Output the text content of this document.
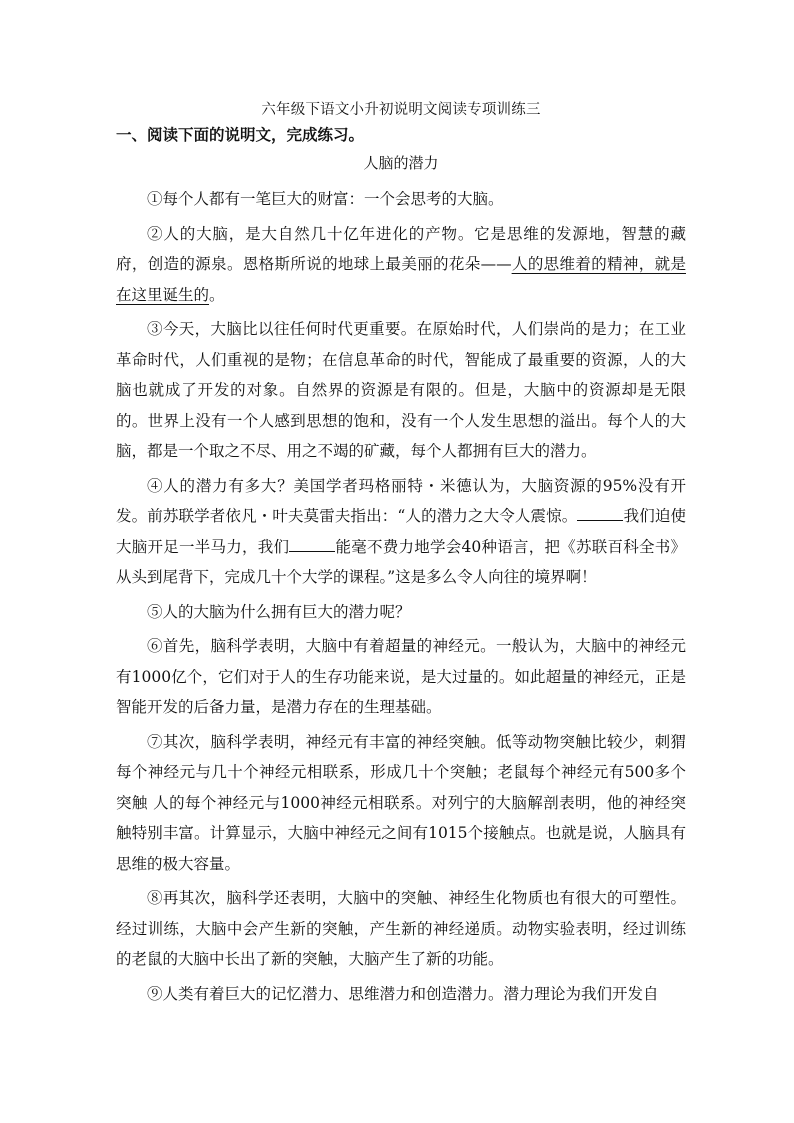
六年级下语文小升初说明文阅读专项训练三
一、阅读下面的说明文，完成练习。
人脑的潜力

①每个人都有一笔巨大的财富：一个会思考的大脑。

②人的大脑，是大自然几十亿年进化的产物。它是思维的发源地，智慧的藏府，创造的源泉。恩格斯所说的地球上最美丽的花朵——人的思维着的精神，就是在这里诞生的。

③今天，大脑比以往任何时代更重要。在原始时代，人们崇尚的是力；在工业革命时代，人们重视的是物；在信息革命的时代，智能成了最重要的资源，人的大脑也就成了开发的对象。自然界的资源是有限的。但是，大脑中的资源却是无限的。世界上没有一个人感到思想的饱和，没有一个人发生思想的溢出。每个人的大脑，都是一个取之不尽、用之不竭的矿藏，每个人都拥有巨大的潜力。

④人的潜力有多大？美国学者玛格丽特・米德认为，大脑资源的95%没有开发。前苏联学者依凡・叶夫莫雷夫指出：“人的潜力之大令人震惊。	我们迫使大脑开足一半马力，我们	能毫不费力地学会40种语言，把《苏联百科全书》从头到尾背下，完成几十个大学的课程。”这是多么令人向往的境界啊！

⑤人的大脑为什么拥有巨大的潜力呢？

⑥首先，脑科学表明，大脑中有着超量的神经元。一般认为，大脑中的神经元有1000亿个，它们对于人的生存功能来说，是大过量的。如此超量的神经元，正是智能开发的后备力量，是潜力存在的生理基础。

⑦其次，脑科学表明，神经元有丰富的神经突触。低等动物突触比较少，刺猬每个神经元与几十个神经元相联系，形成几十个突触；老鼠每个神经元有500多个突触 人的每个神经元与1000神经元相联系。对列宁的大脑解剖表明，他的神经突触特别丰富。计算显示，大脑中神经元之间有1015个接触点。也就是说，人脑具有思维的极大容量。

⑧再其次，脑科学还表明，大脑中的突触、神经生化物质也有很大的可塑性。经过训练，大脑中会产生新的突触，产生新的神经递质。动物实验表明，经过训练的老鼠的大脑中长出了新的突触，大脑产生了新的功能。

⑨人类有着巨大的记忆潜力、思维潜力和创造潜力。潜力理论为我们开发自
